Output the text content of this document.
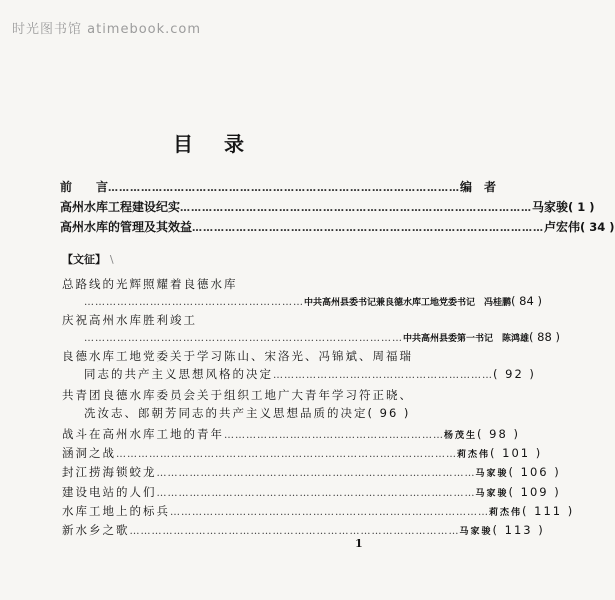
时光图书馆 atimebook.com
目 录
前　　言 …………………………………………………………………………………… 编　者
高州水库工程建设纪实 …………………………………………………………………………………… 马家骏 ( 1 )
高州水库的管理及其效益 …………………………………………………………………………………… 卢宏伟 ( 34 )
【文征】 \
总路线的光辉照耀着良德水库
…………………………………………………… 中共高州县委书记兼良德水库工地党委书记　冯桂鹏 ( 84 )
庆祝高州水库胜利竣工
…………………………………………………………………………… 中共高州县委第一书记　陈鸿雄 ( 88 )
良德水库工地党委关于学习陈山、宋洛光、冯锦斌、周福瑞
同志的共产主义思想风格的决定 …………………………………………………… ( 92 )
共青团良德水库委员会关于组织工地广大青年学习符正晓、
冼汝志、郎朝芳同志的共产主义思想品质的决定 ( 96 )
战斗在高州水库工地的青年 …………………………………………………… 杨茂生 ( 98 )
涵洞之战 ………………………………………………………………………………… 莉杰伟 ( 101 )
封江捞海锁蛟龙 …………………………………………………………………………… 马家骏 ( 106 )
建设电站的人们 …………………………………………………………………………… 马家骏 ( 109 )
水库工地上的标兵 …………………………………………………………………………… 莉杰伟 ( 111 )
新水乡之歌 ……………………………………………………………………………… 马家骏 ( 113 )
1
